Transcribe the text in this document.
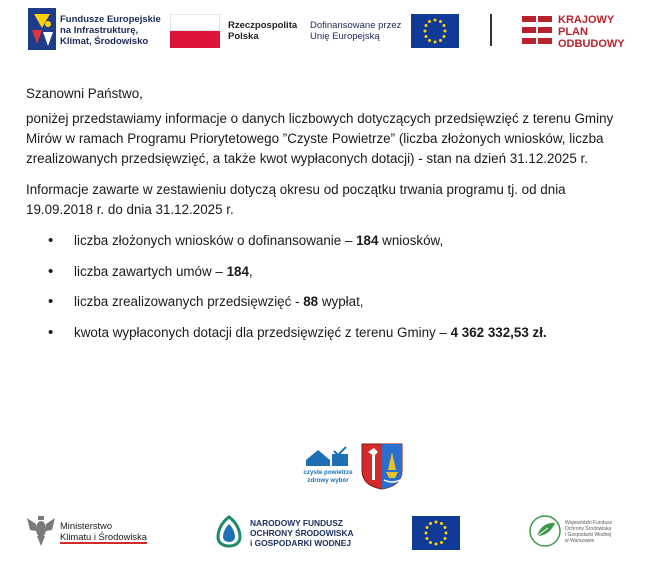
Fundusze Europejskie
na Infrastrukturę,
Klimat, Środowisko
Rzeczpospolita
Polska
Dofinansowane przez
Unię Europejską
KRAJOWY
PLAN
ODBUDOWY
Szanowni Państwo,
poniżej przedstawiamy informacje o danych liczbowych dotyczących przedsięwzięć z terenu Gminy Mirów w ramach Programu Priorytetowego ”Czyste Powietrze” (liczba złożonych wniosków, liczba zrealizowanych przedsięwzięć, a także kwot wypłaconych dotacji) - stan na dzień 31.12.2025 r.
Informacje zawarte w zestawieniu dotyczą okresu od początku trwania programu tj. od dnia 19.09.2018 r. do dnia 31.12.2025 r.
• liczba złożonych wniosków o dofinansowanie – 184 wniosków,
• liczba zawartych umów – 184,
• liczba zrealizowanych przedsięwzięć - 88 wypłat,
• kwota wypłaconych dotacji dla przedsięwzięć z terenu Gminy – 4 362 332,53 zł.
czyste powietrze
zdrowy wybór
Ministerstwo
Klimatu i Środowiska
NARODOWY FUNDUSZ
OCHRONY ŚRODOWISKA
i GOSPODARKI WODNEJ
Wojewódzki Fundusz
Ochrony Środowiska
i Gospodarki Wodnej
w Warszawie
